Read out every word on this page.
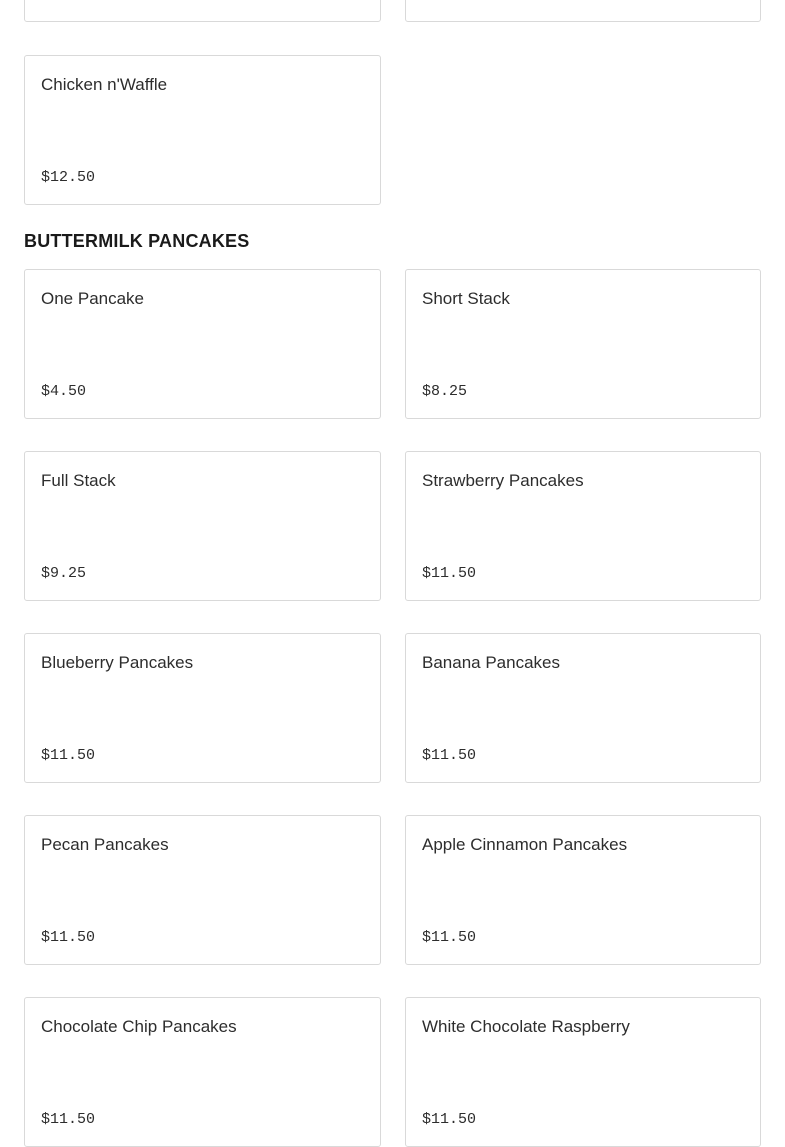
Chicken n'Waffle
$12.50
BUTTERMILK PANCAKES
One Pancake
$4.50
Short Stack
$8.25
Full Stack
$9.25
Strawberry Pancakes
$11.50
Blueberry Pancakes
$11.50
Banana Pancakes
$11.50
Pecan Pancakes
$11.50
Apple Cinnamon Pancakes
$11.50
Chocolate Chip Pancakes
$11.50
White Chocolate Raspberry
$11.50
